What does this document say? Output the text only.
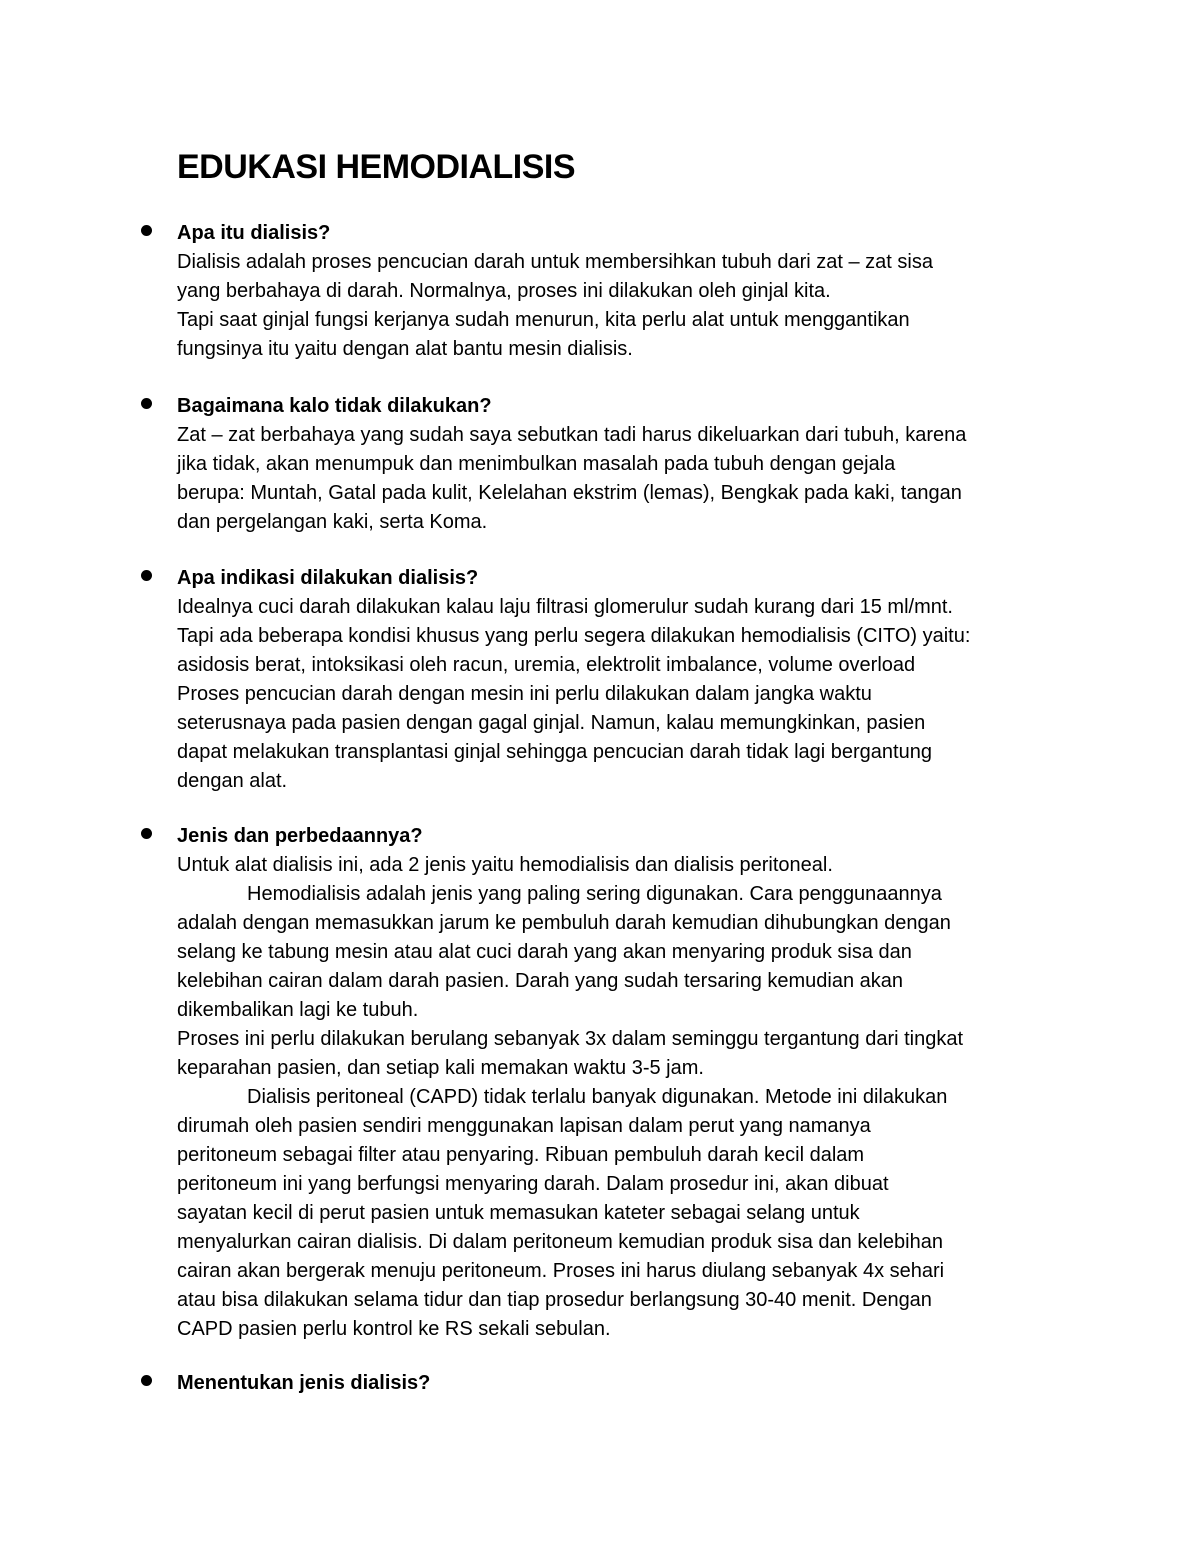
EDUKASI HEMODIALISIS
Apa itu dialisis?
Dialisis adalah proses pencucian darah untuk membersihkan tubuh dari zat – zat sisa
yang berbahaya di darah. Normalnya, proses ini dilakukan oleh ginjal kita.
Tapi saat ginjal fungsi kerjanya sudah menurun, kita perlu alat untuk menggantikan
fungsinya itu yaitu dengan alat bantu mesin dialisis.
Bagaimana kalo tidak dilakukan?
Zat – zat berbahaya yang sudah saya sebutkan tadi harus dikeluarkan dari tubuh, karena
jika tidak, akan menumpuk dan menimbulkan masalah pada tubuh dengan gejala
berupa: Muntah, Gatal pada kulit, Kelelahan ekstrim (lemas), Bengkak pada kaki, tangan
dan pergelangan kaki, serta Koma.
Apa indikasi dilakukan dialisis?
Idealnya cuci darah dilakukan kalau laju filtrasi glomerulur sudah kurang dari 15 ml/mnt.
Tapi ada beberapa kondisi khusus yang perlu segera dilakukan hemodialisis (CITO) yaitu:
asidosis berat, intoksikasi oleh racun, uremia, elektrolit imbalance, volume overload
Proses pencucian darah dengan mesin ini perlu dilakukan dalam jangka waktu
seterusnaya pada pasien dengan gagal ginjal. Namun, kalau memungkinkan, pasien
dapat melakukan transplantasi ginjal sehingga pencucian darah tidak lagi bergantung
dengan alat.
Jenis dan perbedaannya?
Untuk alat dialisis ini, ada 2 jenis yaitu hemodialisis dan dialisis peritoneal.
Hemodialisis adalah jenis yang paling sering digunakan. Cara penggunaannya
adalah dengan memasukkan jarum ke pembuluh darah kemudian dihubungkan dengan
selang ke tabung mesin atau alat cuci darah yang akan menyaring produk sisa dan
kelebihan cairan dalam darah pasien. Darah yang sudah tersaring kemudian akan
dikembalikan lagi ke tubuh.
Proses ini perlu dilakukan berulang sebanyak 3x dalam seminggu tergantung dari tingkat
keparahan pasien, dan setiap kali memakan waktu 3-5 jam.
Dialisis peritoneal (CAPD) tidak terlalu banyak digunakan. Metode ini dilakukan
dirumah oleh pasien sendiri menggunakan lapisan dalam perut yang namanya
peritoneum sebagai filter atau penyaring. Ribuan pembuluh darah kecil dalam
peritoneum ini yang berfungsi menyaring darah. Dalam prosedur ini, akan dibuat
sayatan kecil di perut pasien untuk memasukan kateter sebagai selang untuk
menyalurkan cairan dialisis. Di dalam peritoneum kemudian produk sisa dan kelebihan
cairan akan bergerak menuju peritoneum. Proses ini harus diulang sebanyak 4x sehari
atau bisa dilakukan selama tidur dan tiap prosedur berlangsung 30-40 menit. Dengan
CAPD pasien perlu kontrol ke RS sekali sebulan.
Menentukan jenis dialisis?
